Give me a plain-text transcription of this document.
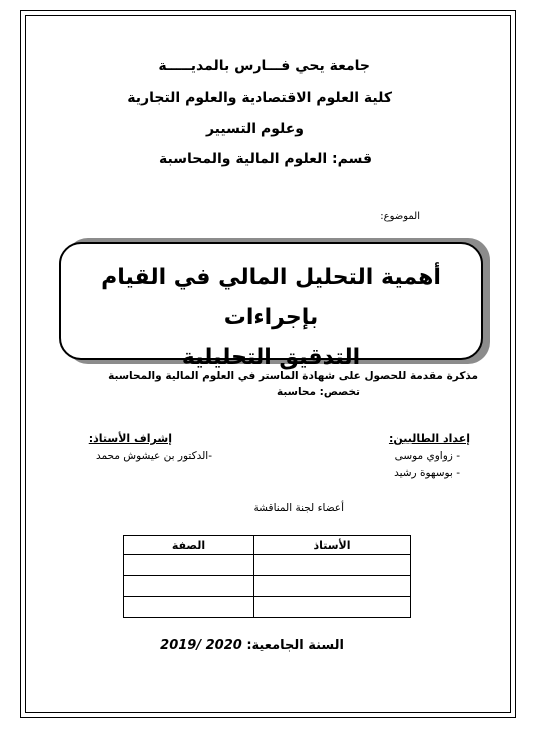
جامعة يحي فـــارس بالمديـــــة
كلية العلوم الاقتصادية والعلوم التجارية
وعلوم التسيير
قسم: العلوم المالية والمحاسبة
الموضوع:
أهمية التحليل المالي في القيام بإجراءات
التدقيق التحليلية
مذكرة مقدمة للحصول على شهادة الماستر في العلوم المالية والمحاسبة
تخصص: محاسبة
إعداد الطالبين:
- زواوي موسى
- بوسهوة رشيد
إشراف الأستاذ:
-الدكتور بن عيشوش محمد
أعضاء لجنة المناقشة
الأستاذ	الصفة

السنة الجامعية: 2019/ 2020
